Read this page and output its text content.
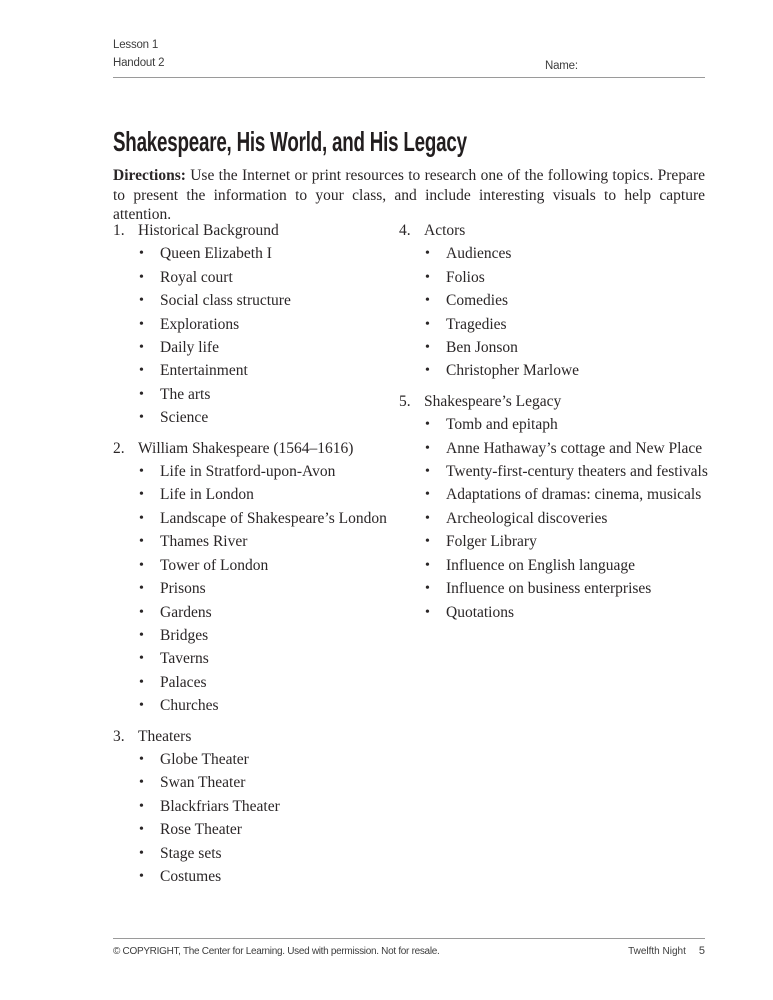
Lesson 1
Handout 2	Name:
Shakespeare, His World, and His Legacy

Directions: Use the Internet or print resources to research one of the following topics. Prepare to present the information to your class, and include interesting visuals to help capture attention.

1. Historical Background
•	Queen Elizabeth I
•	Royal court
•	Social class structure
•	Explorations
•	Daily life
•	Entertainment
•	The arts
•	Science
2. William Shakespeare (1564–1616)
•	Life in Stratford-upon-Avon
•	Life in London
•	Landscape of Shakespeare’s London
•	Thames River
•	Tower of London
•	Prisons
•	Gardens
•	Bridges
•	Taverns
•	Palaces
•	Churches
3. Theaters
•	Globe Theater
•	Swan Theater
•	Blackfriars Theater
•	Rose Theater
•	Stage sets
•	Costumes
4. Actors
•	Audiences
•	Folios
•	Comedies
•	Tragedies
•	Ben Jonson
•	Christopher Marlowe
5. Shakespeare’s Legacy
•	Tomb and epitaph
•	Anne Hathaway’s cottage and New Place
•	Twenty-first-century theaters and festivals
•	Adaptations of dramas: cinema, musicals
•	Archeological discoveries
•	Folger Library
•	Influence on English language
•	Influence on business enterprises
•	Quotations
© COPYRIGHT, The Center for Learning. Used with permission. Not for resale.	Twelfth Night 5
